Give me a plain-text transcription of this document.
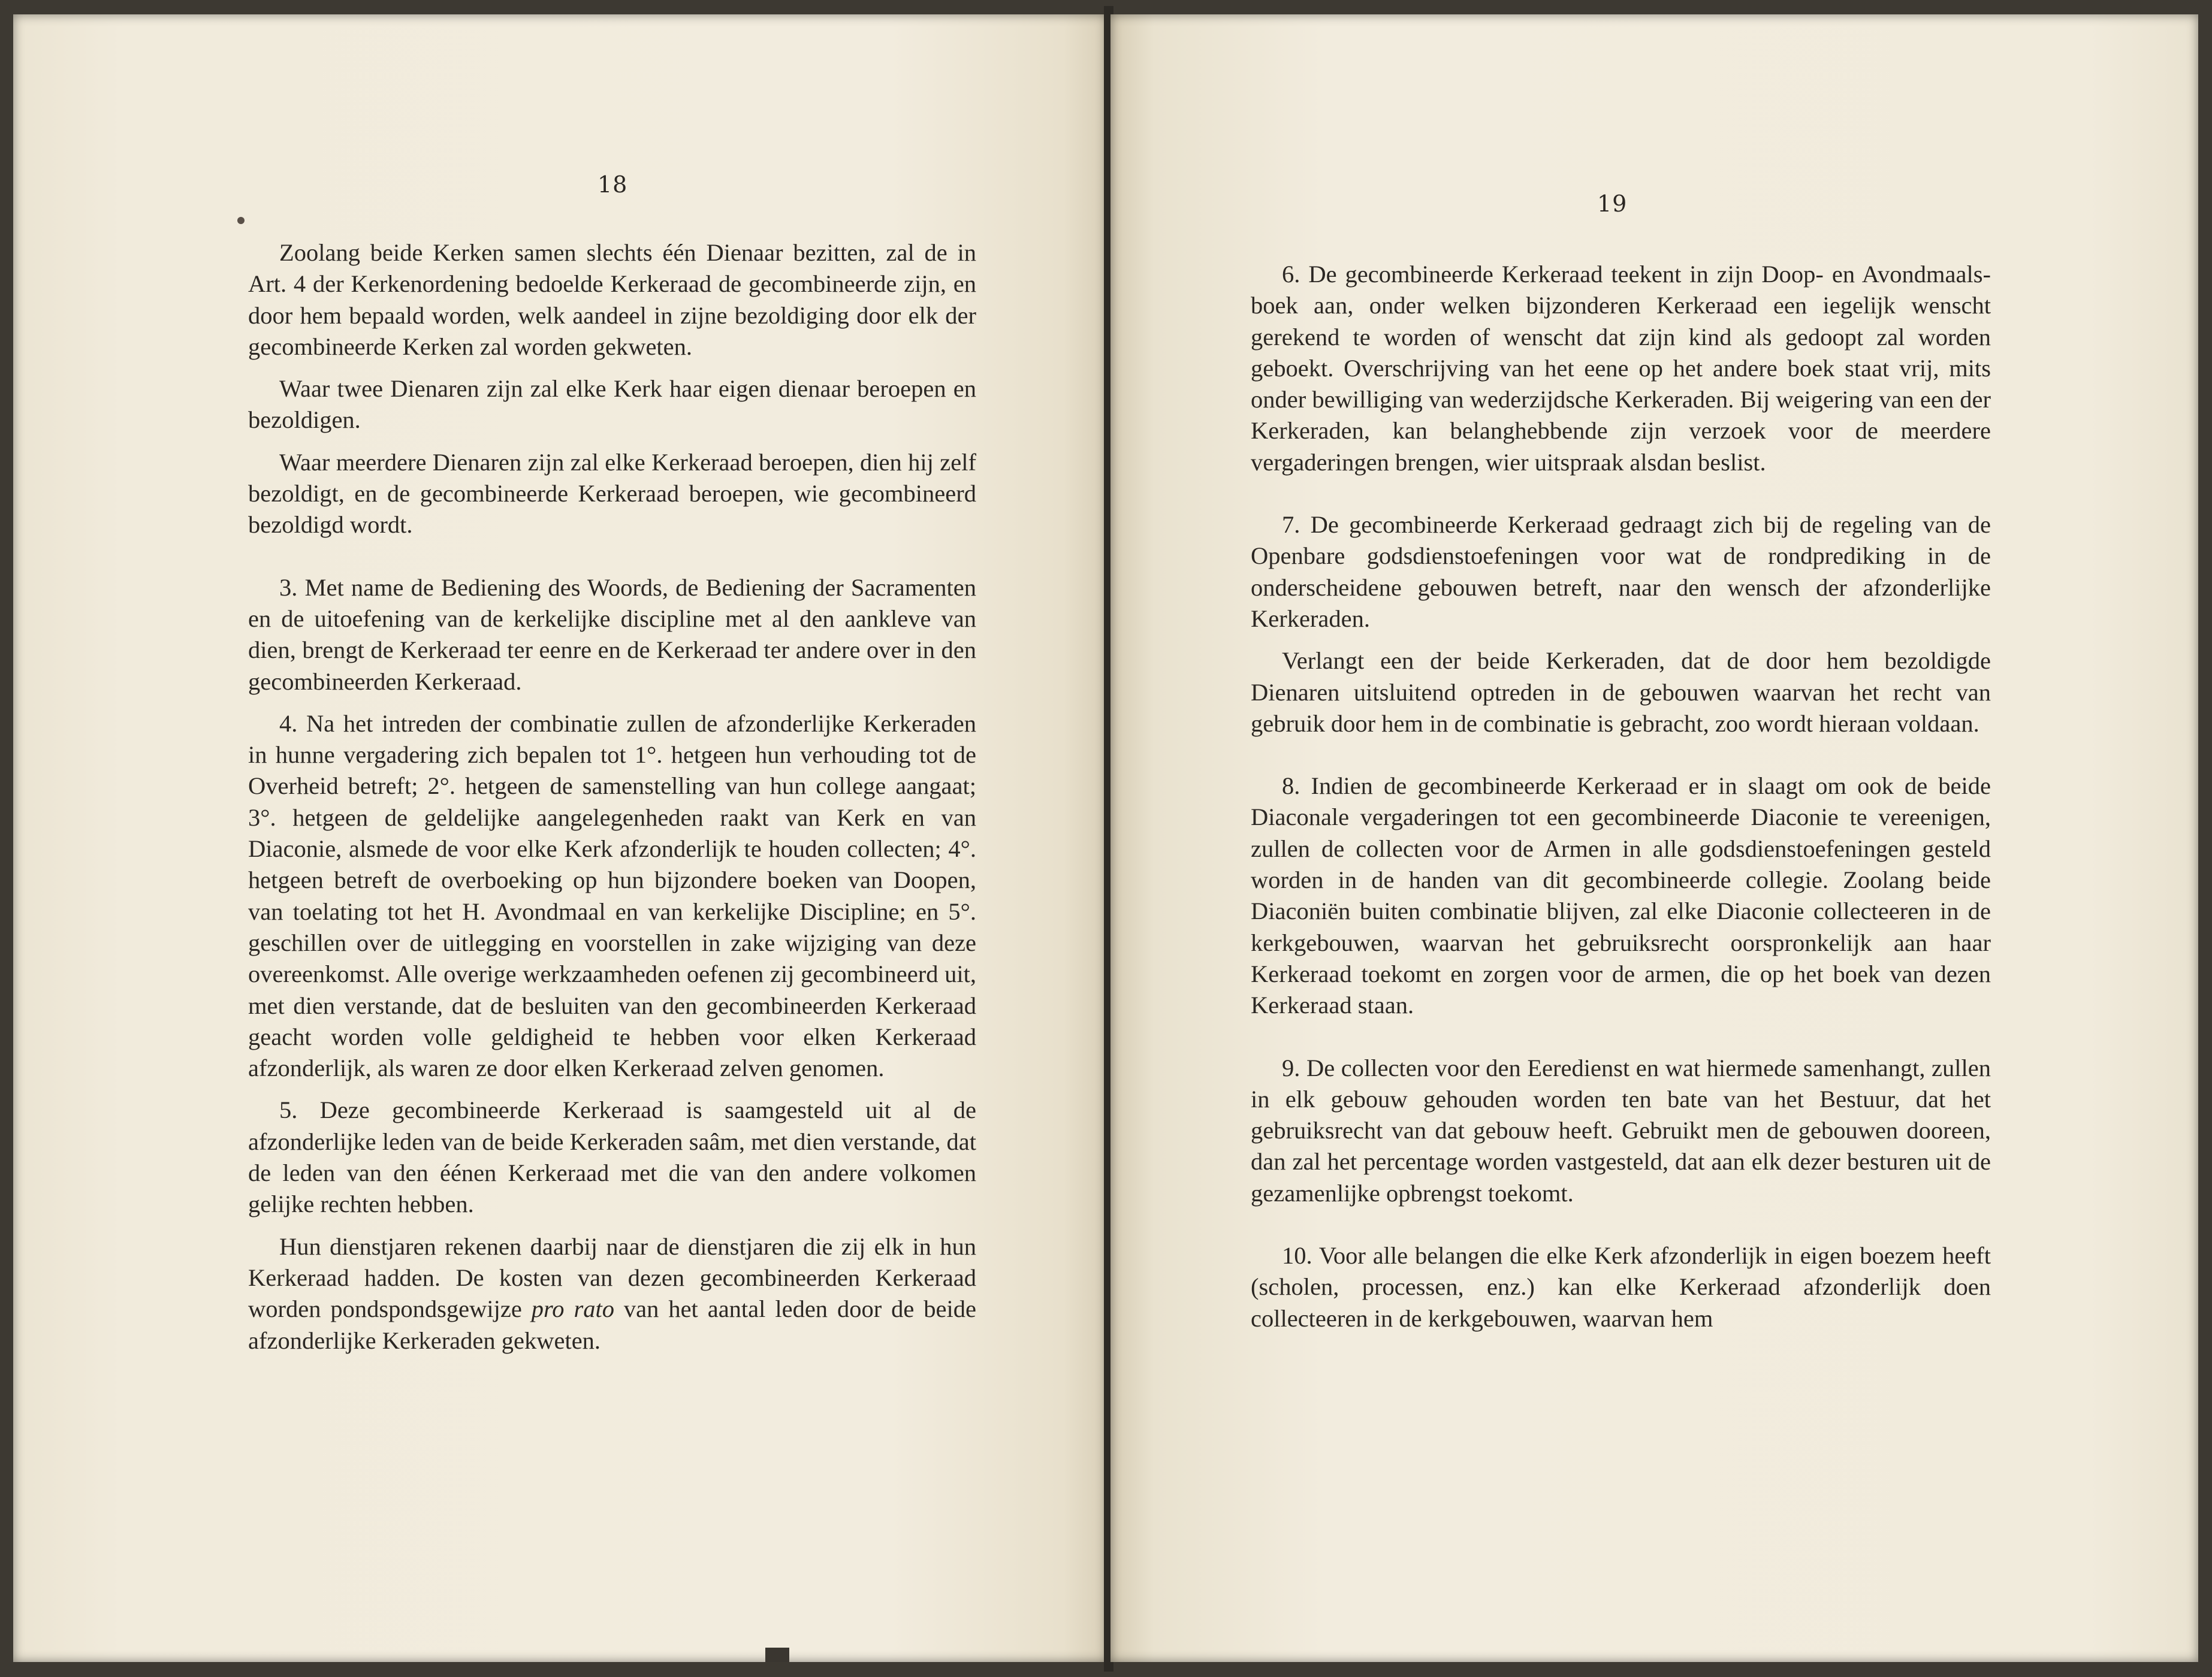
18

Zoolang beide Kerken samen slechts één Dienaar bezitten, zal de in Art. 4 der Kerkenordening bedoelde Kerkeraad de gecombineerde zijn, en door hem bepaald worden, welk aandeel in zijne bezoldiging door elk der gecombineerde Kerken zal worden gekweten.

Waar twee Dienaren zijn zal elke Kerk haar eigen dienaar beroepen en bezoldigen.

Waar meerdere Dienaren zijn zal elke Kerkeraad beroepen, dien hij zelf bezoldigt, en de gecombineerde Kerkeraad beroepen, wie gecombineerd bezoldigd wordt.

3. Met name de Bediening des Woords, de Bediening der Sacramenten en de uitoefening van de kerkelijke discipline met al den aankleve van dien, brengt de Kerkeraad ter eenre en de Kerkeraad ter andere over in den gecombineerden Kerkeraad.

4. Na het intreden der combinatie zullen de afzonderlijke Kerkeraden in hunne vergadering zich bepalen tot 1°. hetgeen hun verhouding tot de Overheid betreft; 2°. hetgeen de samenstelling van hun college aangaat; 3°. hetgeen de geldelijke aangelegenheden raakt van Kerk en van Diaconie, alsmede de voor elke Kerk afzonderlijk te houden collecten; 4°. hetgeen betreft de overboeking op hun bijzondere boeken van Doopen, van toelating tot het H. Avondmaal en van kerkelijke Discipline; en 5°. geschillen over de uitlegging en voorstellen in zake wijziging van deze overeenkomst. Alle overige werkzaamheden oefenen zij gecombineerd uit, met dien verstande, dat de besluiten van den gecombineerden Kerkeraad geacht worden volle geldigheid te hebben voor elken Kerkeraad afzonderlijk, als waren ze door elken Kerkeraad zelven genomen.

5. Deze gecombineerde Kerkeraad is saamgesteld uit al de afzonderlijke leden van de beide Kerkeraden saâm, met dien verstande, dat de leden van den éénen Kerkeraad met die van den andere volkomen gelijke rechten hebben.

Hun dienstjaren rekenen daarbij naar de dienstjaren die zij elk in hun Kerkeraad hadden. De kosten van dezen gecombineerden Kerkeraad worden pondspondsgewijze pro rato van het aantal leden door de beide afzonderlijke Kerkeraden gekweten.

19

6. De gecombineerde Kerkeraad teekent in zijn Doop- en Avondmaals-boek aan, onder welken bijzonderen Kerkeraad een iegelijk wenscht gerekend te worden of wenscht dat zijn kind als gedoopt zal worden geboekt. Overschrijving van het eene op het andere boek staat vrij, mits onder bewilliging van wederzijdsche Kerkeraden. Bij weigering van een der Kerkeraden, kan belanghebbende zijn verzoek voor de meerdere vergaderingen brengen, wier uitspraak alsdan beslist.

7. De gecombineerde Kerkeraad gedraagt zich bij de regeling van de Openbare godsdienstoefeningen voor wat de rondprediking in de onderscheidene gebouwen betreft, naar den wensch der afzonderlijke Kerkeraden.

Verlangt een der beide Kerkeraden, dat de door hem bezoldigde Dienaren uitsluitend optreden in de gebouwen waarvan het recht van gebruik door hem in de combinatie is gebracht, zoo wordt hieraan voldaan.

8. Indien de gecombineerde Kerkeraad er in slaagt om ook de beide Diaconale vergaderingen tot een gecombineerde Diaconie te vereenigen, zullen de collecten voor de Armen in alle godsdienstoefeningen gesteld worden in de handen van dit gecombineerde collegie. Zoolang beide Diaconiën buiten combinatie blijven, zal elke Diaconie collecteeren in de kerkgebouwen, waarvan het gebruiksrecht oorspronkelijk aan haar Kerkeraad toekomt en zorgen voor de armen, die op het boek van dezen Kerkeraad staan.

9. De collecten voor den Eeredienst en wat hiermede samenhangt, zullen in elk gebouw gehouden worden ten bate van het Bestuur, dat het gebruiksrecht van dat gebouw heeft. Gebruikt men de gebouwen dooreen, dan zal het percentage worden vastgesteld, dat aan elk dezer besturen uit de gezamenlijke opbrengst toekomt.

10. Voor alle belangen die elke Kerk afzonderlijk in eigen boezem heeft (scholen, processen, enz.) kan elke Kerkeraad afzonderlijk doen collecteeren in de kerkgebouwen, waarvan hem
